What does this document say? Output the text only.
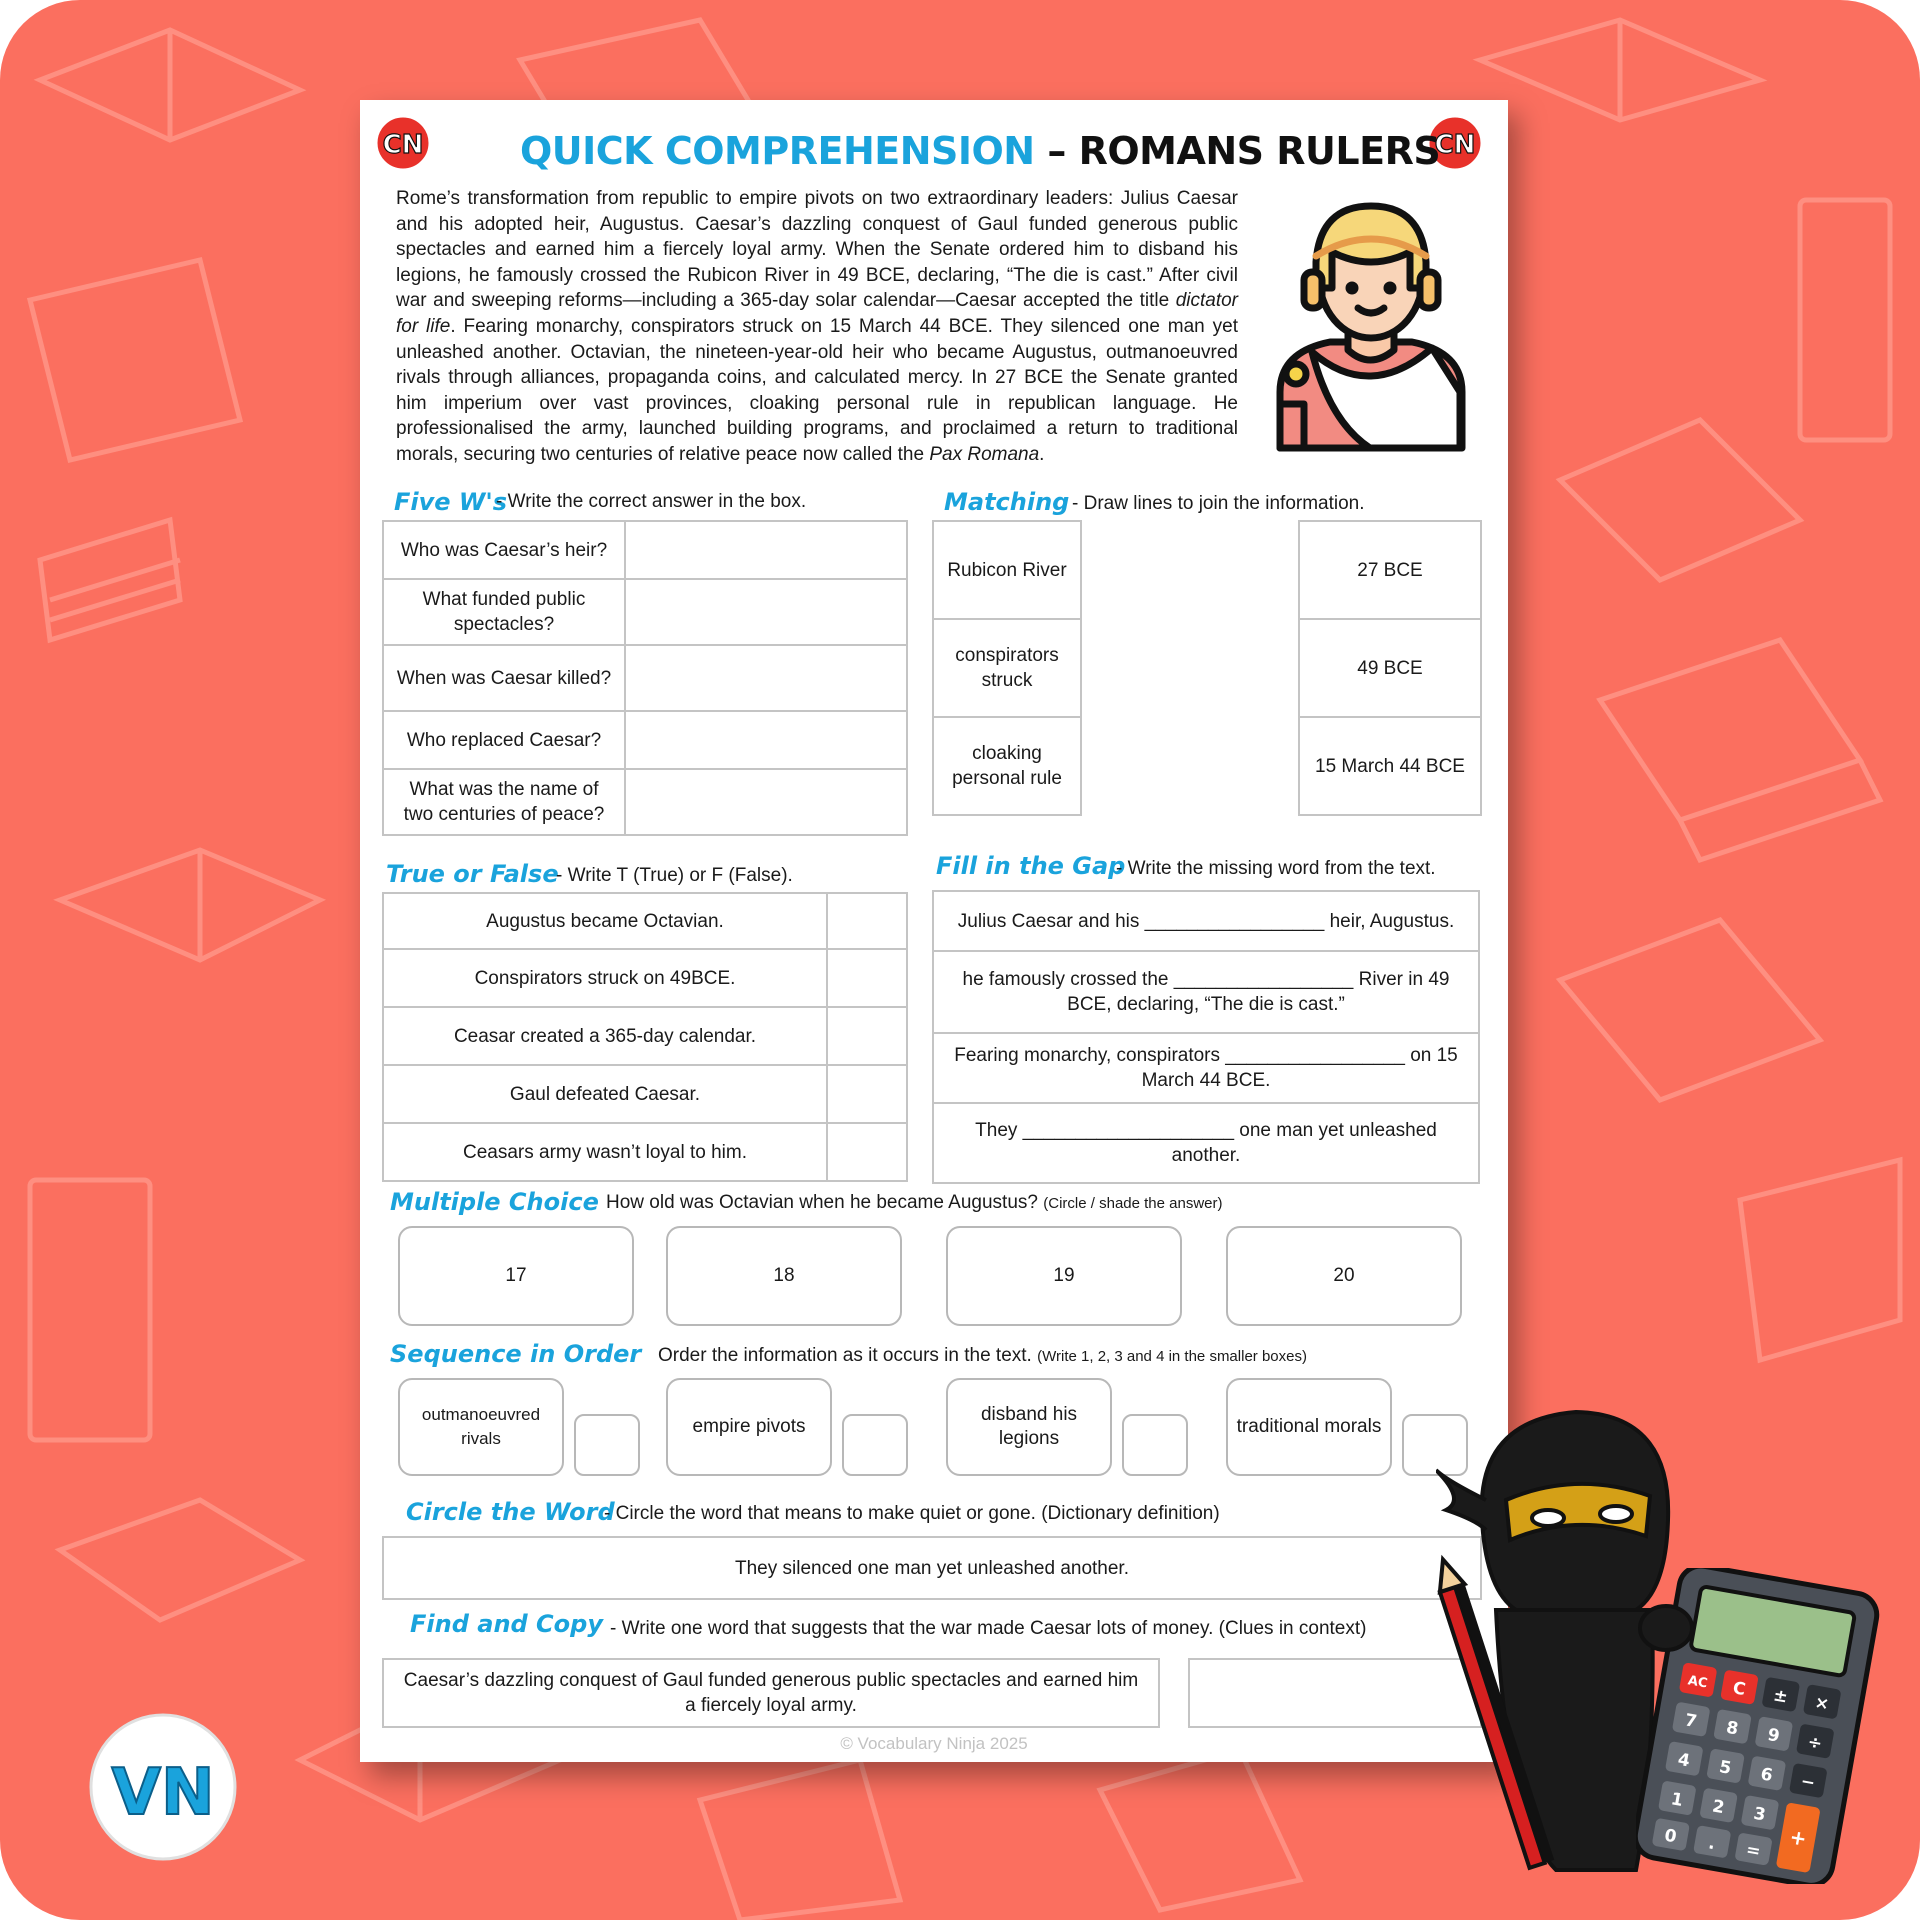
CN	CN
QUICK COMPREHENSION – ROMANS RULERS

Rome’s transformation from republic to empire pivots on two extraordinary leaders: Julius Caesar and his adopted heir, Augustus. Caesar’s dazzling conquest of Gaul funded generous public spectacles and earned him a fiercely loyal army. When the Senate ordered him to disband his legions, he famously crossed the Rubicon River in 49 BCE, declaring, “The die is cast.” After civil war and sweeping reforms—including a 365-day solar calendar—Caesar accepted the title dictator for life. Fearing monarchy, conspirators struck on 15 March 44 BCE. They silenced one man yet unleashed another. Octavian, the nineteen-year-old heir who became Augustus, outmanoeuvred rivals through alliances, propaganda coins, and calculated mercy. In 27 BCE the Senate granted him imperium over vast provinces, cloaking personal rule in republican language. He professionalised the army, launched building programs, and proclaimed a return to traditional morals, securing two centuries of relative peace now called the Pax Romana.

Five W's
- Write the correct answer in the box.
Who was Caesar’s heir?	
What funded public spectacles?	
When was Caesar killed?	
Who replaced Caesar?	
What was the name of two centuries of peace?	
Matching - Draw lines to join the information.
Rubicon River
conspirators struck
cloaking personal rule
27 BCE
49 BCE
15 March 44 BCE
True or False
- Write T (True) or F (False).
Augustus became Octavian.	
Conspirators struck on 49BCE.	
Ceasar created a 365-day calendar.	
Gaul defeated Caesar.	
Ceasars army wasn’t loyal to him.	
Fill in the Gap
- Write the missing word from the text.
Julius Caesar and his _________________ heir, Augustus.
he famously crossed the _________________ River in 49 BCE, declaring, “The die is cast.”
Fearing monarchy, conspirators _________________ on 15 March 44 BCE.
They ____________________ one man yet unleashed another.
Multiple Choice How old was Octavian when he became Augustus? (Circle / shade the answer)
17	18	19	20
Sequence in Order Order the information as it occurs in the text. (Write 1, 2, 3 and 4 in the smaller boxes)
outmanoeuvred rivals
empire pivots
disband his legions
traditional morals
Circle the Word
- Circle the word that means to make quiet or gone. (Dictionary definition)
They silenced one man yet unleashed another.
Find and Copy - Write one word that suggests that the war made Caesar lots of money. (Clues in context)
Caesar’s dazzling conquest of Gaul funded generous public spectacles and earned him a fiercely loyal army.
© Vocabulary Ninja 2025
VN
AC C ± ×
7 8 9 ÷
4 5 6 −
1 2 3
+
0 . =
